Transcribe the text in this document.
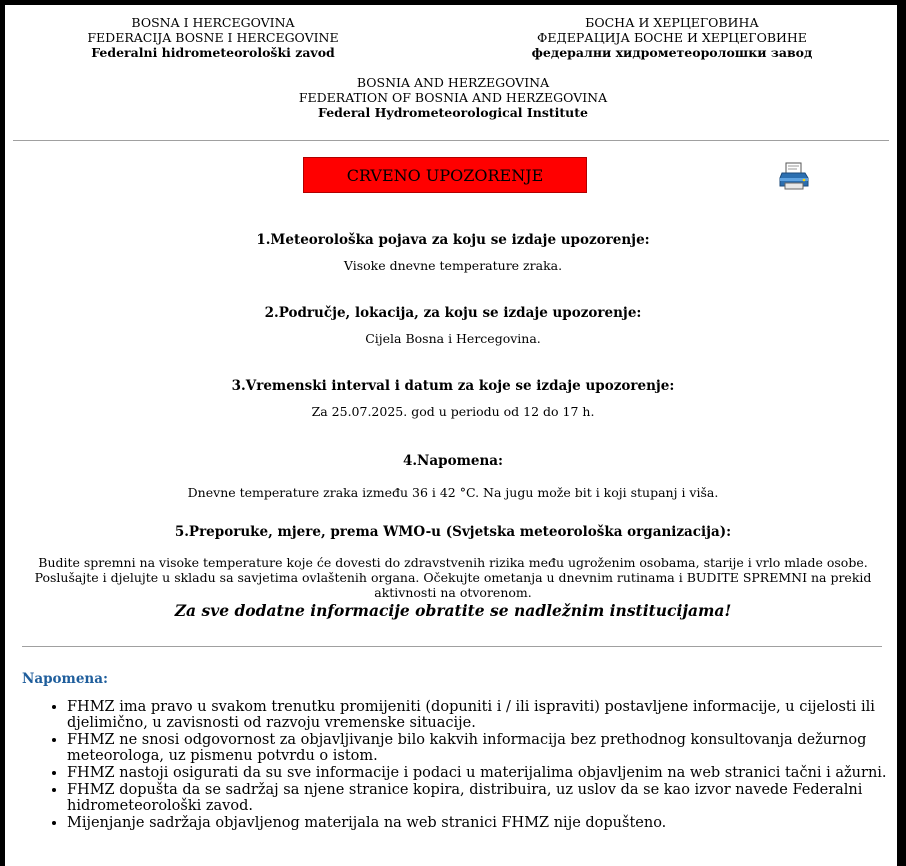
BOSNA I HERCEGOVINA
FEDERACIJA BOSNE I HERCEGOVINE
Federalni hidrometeorološki zavod
БОСНА И ХЕРЦЕГОВИНА
ФЕДЕРАЦИЈА БОСНЕ И ХЕРЦЕГОВИНЕ
федерални хидрометеоролошки завод
BOSNIA AND HERZEGOVINA
FEDERATION OF BOSNIA AND HERZEGOVINA
Federal Hydrometeorological Institute
CRVENO UPOZORENJE
1.Meteorološka pojava za koju se izdaje upozorenje:
Visoke dnevne temperature zraka.
2.Područje, lokacija, za koju se izdaje upozorenje:
Cijela Bosna i Hercegovina.
3.Vremenski interval i datum za koje se izdaje upozorenje:
Za 25.07.2025. god u periodu od 12 do 17 h.
4.Napomena:
Dnevne temperature zraka između 36 i 42 °C. Na jugu može bit i koji stupanj i viša.
5.Preporuke, mjere, prema WMO-u (Svjetska meteorološka organizacija):
Budite spremni na visoke temperature koje će dovesti do zdravstvenih rizika među ugroženim osobama, starije i vrlo mlade osobe. Poslušajte i djelujte u skladu sa savjetima ovlaštenih organa. Očekujte ometanja u dnevnim rutinama i BUDITE SPREMNI na prekid aktivnosti na otvorenom.
Za sve dodatne informacije obratite se nadležnim institucijama!
Napomena:
• FHMZ ima pravo u svakom trenutku promijeniti (dopuniti i / ili ispraviti) postavljene informacije, u cijelosti ili djelimično, u zavisnosti od razvoju vremenske situacije.
• FHMZ ne snosi odgovornost za objavljivanje bilo kakvih informacija bez prethodnog konsultovanja dežurnog meteorologa, uz pismenu potvrdu o istom.
• FHMZ nastoji osigurati da su sve informacije i podaci u materijalima objavljenim na web stranici tačni i ažurni.
• FHMZ dopušta da se sadržaj sa njene stranice kopira, distribuira, uz uslov da se kao izvor navede Federalni hidrometeorološki zavod.
• Mijenjanje sadržaja objavljenog materijala na web stranici FHMZ nije dopušteno.
